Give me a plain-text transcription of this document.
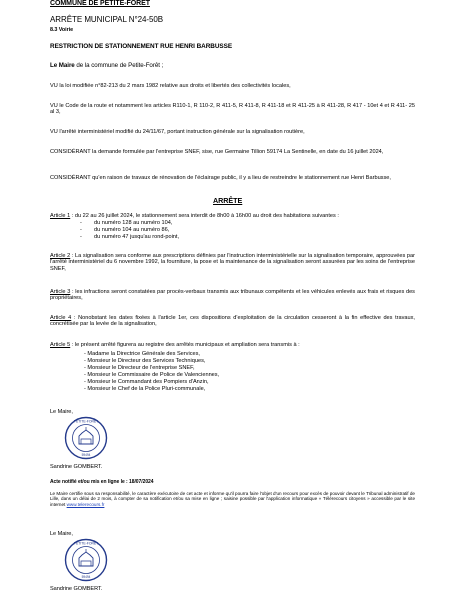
COMMUNE DE PETITE-FORET
ARRÊTE MUNICIPAL N°24-50B
8.3 Voirie
RESTRICTION DE STATIONNEMENT RUE HENRI BARBUSSE
Le Maire de la commune de Petite-Forêt ;
VU la loi modifiée n°82-213 du 2 mars 1982 relative aux droits et libertés des collectivités locales,
VU le Code de la route et notamment les articles R110-1, R 110-2, R 411-5, R 411-8, R 411-18 et R 411-25 à R 411-28, R 417 - 10et 4 et R 411- 25 al 3,
VU l'arrêté interministériel modifié du 24/11/67, portant instruction générale sur la signalisation routière,
CONSIDÉRANT la demande formulée par l'entreprise SNEF, sise, rue Germaine Tillion 59174 La Sentinelle, en date du 16 juillet 2024,
CONSIDÉRANT qu'en raison de travaux de rénovation de l'éclairage public, il y a lieu de restreindre le stationnement rue Henri Barbusse,
ARRÊTE
Article 1 : du 22 au 26 juillet 2024, le stationnement sera interdit de 8h00 à 16h00 au droit des habitations suivantes :
- du numéro 128 au numéro 104,
- du numéro 104 au numéro 86,
- du numéro 47 jusqu'au rond-point,
Article 2 : La signalisation sera conforme aux prescriptions définies par l'instruction interministérielle sur la signalisation temporaire, approuvées par l'arrêté interministériel du 6 novembre 1992, la fourniture, la pose et la maintenance de la signalisation seront assurées par les soins de l'entreprise SNEF,
Article 3 : les infractions seront constatées par procès-verbaux transmis aux tribunaux compétents et les véhicules enlevés aux frais et risques des propriétaires,
Article 4 : Nonobstant les dates fixées à l'article 1er, ces dispositions d'exploitation de la circulation cesseront à la fin effective des travaux, concrétisée par la levée de la signalisation,
Article 5 : le présent arrêté figurera au registre des arrêtés municipaux et ampliation sera transmis à :
- Madame la Directrice Générale des Services,
- Monsieur le Directeur des Services Techniques,
- Monsieur le Directeur de l'entreprise SNEF,
- Monsieur le Commissaire de Police de Valenciennes,
- Monsieur le Commandant des Pompiers d'Anzin,
- Monsieur le Chef de la Police Pluri-communale,
Le Maire,
PETITE-FORET
59494
Sandrine GOMBERT.
Acte notifié et/ou mis en ligne le : 18/07/2024
Le Maire certifie sous sa responsabilité, le caractère exécutoire de cet acte et informe qu'il pourra faire l'objet d'un recours pour excès de pouvoir devant le Tribunal administratif de Lille, dans un délai de 2 mois, à compter de sa notification et/ou sa mise en ligne ; saisine possible par l'application informatique « Télérecours citoyens » accessible par le site internet www.telerecours.fr
Le Maire,
PETITE-FORET
59494
Sandrine GOMBERT.
